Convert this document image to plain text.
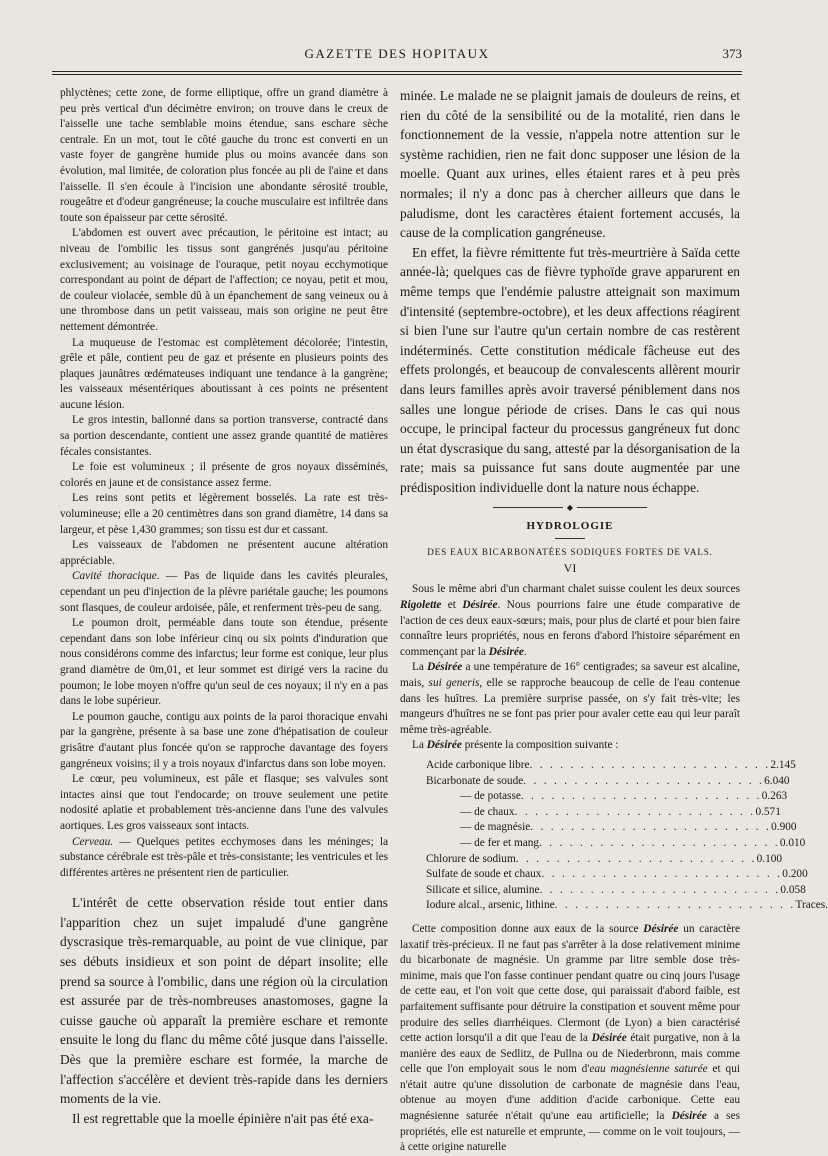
GAZETTE DES HOPITAUX	373

phlyctènes; cette zone, de forme elliptique, offre un grand diamètre à peu près vertical d'un décimètre environ; on trouve dans le creux de l'aisselle une tache semblable moins étendue, sans eschare sèche centrale. En un mot, tout le côté gauche du tronc est converti en un vaste foyer de gangrène humide plus ou moins avancée dans son évolution, mal limitée, de coloration plus foncée au pli de l'aine et dans l'aisselle. Il s'en écoule à l'incision une abondante sérosité trouble, rougeâtre et d'odeur gangréneuse; la couche musculaire est infiltrée dans toute son épaisseur par cette sérosité.

L'abdomen est ouvert avec précaution, le péritoine est intact; au niveau de l'ombilic les tissus sont gangrénés jusqu'au péritoine exclusivement; au voisinage de l'ouraque, petit noyau ecchymotique correspondant au point de départ de l'affection; ce noyau, petit et mou, de couleur violacée, semble dû à un épanchement de sang veineux ou à une thrombose dans un petit vaisseau, mais son origine ne peut être nettement démontrée.

La muqueuse de l'estomac est complètement décolorée; l'intestin, grêle et pâle, contient peu de gaz et présente en plusieurs points des plaques jaunâtres œdémateuses indiquant une tendance à la gangrène; les vaisseaux mésentériques aboutissant à ces points ne présentent aucune lésion.

Le gros intestin, ballonné dans sa portion transverse, contracté dans sa portion descendante, contient une assez grande quantité de matières fécales consistantes.

Le foie est volumineux ; il présente de gros noyaux disséminés, colorés en jaune et de consistance assez ferme.

Les reins sont petits et légèrement bosselés. La rate est très-volumineuse; elle a 20 centimètres dans son grand diamètre, 14 dans sa largeur, et pèse 1,430 grammes; son tissu est dur et cassant.

Les vaisseaux de l'abdomen ne présentent aucune altération appréciable.

Cavité thoracique. — Pas de liquide dans les cavités pleurales, cependant un peu d'injection de la plèvre pariétale gauche; les poumons sont flasques, de couleur ardoisée, pâle, et renferment très-peu de sang.

Le poumon droit, perméable dans toute son étendue, présente cependant dans son lobe inférieur cinq ou six points d'induration que nous considérons comme des infarctus; leur forme est conique, leur plus grand diamètre de 0m,01, et leur sommet est dirigé vers la racine du poumon; le lobe moyen n'offre qu'un seul de ces noyaux; il n'y en a pas dans le lobe supérieur.

Le poumon gauche, contigu aux points de la paroi thoracique envahi par la gangrène, présente à sa base une zone d'hépatisation de couleur grisâtre d'autant plus foncée qu'on se rapproche davantage des foyers gangréneux voisins; il y a trois noyaux d'infarctus dans son lobe moyen.

Le cœur, peu volumineux, est pâle et flasque; ses valvules sont intactes ainsi que tout l'endocarde; on trouve seulement une petite nodosité aplatie et probablement très-ancienne dans l'une des valvules aortiques. Les gros vaisseaux sont intacts.

Cerveau. — Quelques petites ecchymoses dans les méninges; la substance cérébrale est très-pâle et très-consistante; les ventricules et les différentes artères ne présentent rien de particulier.

L'intérêt de cette observation réside tout entier dans l'apparition chez un sujet impaludé d'une gangrène dyscrasique très-remarquable, au point de vue clinique, par ses débuts insidieux et son point de départ insolite; elle prend sa source à l'ombilic, dans une région où la circulation est assurée par de très-nombreuses anastomoses, gagne la cuisse gauche où apparaît la première eschare et remonte ensuite le long du flanc du même côté jusque dans l'aisselle. Dès que la première eschare est formée, la marche de l'affection s'accélère et devient très-rapide dans les derniers moments de la vie.

Il est regrettable que la moelle épinière n'ait pas été exa-

minée. Le malade ne se plaignit jamais de douleurs de reins, et rien du côté de la sensibilité ou de la motalité, rien dans le fonctionnement de la vessie, n'appela notre attention sur le système rachidien, rien ne fait donc supposer une lésion de la moelle. Quant aux urines, elles étaient rares et à peu près normales; il n'y a donc pas à chercher ailleurs que dans le paludisme, dont les caractères étaient fortement accusés, la cause de la complication gangréneuse.

En effet, la fièvre rémittente fut très-meurtrière à Saïda cette année-là; quelques cas de fièvre typhoïde grave apparurent en même temps que l'endémie palustre atteignait son maximum d'intensité (septembre-octobre), et les deux affections réagirent si bien l'une sur l'autre qu'un certain nombre de cas restèrent indéterminés. Cette constitution médicale fâcheuse eut des effets prolongés, et beaucoup de convalescents allèrent mourir dans leurs familles après avoir traversé péniblement dans nos salles une longue période de crises. Dans le cas qui nous occupe, le principal facteur du processus gangréneux fut donc un état dyscrasique du sang, attesté par la désorganisation de la rate; mais sa puissance fut sans doute augmentée par une prédisposition individuelle dont la nature nous échappe.

◆
HYDROLOGIE
DES EAUX BICARBONATÉES SODIQUES FORTES DE VALS.
VI

Sous le même abri d'un charmant chalet suisse coulent les deux sources Rigolette et Désirée. Nous pourrions faire une étude comparative de l'action de ces deux eaux-sœurs; mais, pour plus de clarté et pour bien faire connaître leurs propriétés, nous en ferons d'abord l'histoire séparément en commençant par la Désirée.

La Désirée a une température de 16° centigrades; sa saveur est alcaline, mais, sui generis, elle se rapproche beaucoup de celle de l'eau contenue dans les huîtres. La première surprise passée, on s'y fait très-vite; les mangeurs d'huîtres ne se font pas prier pour avaler cette eau qui leur paraît même très-agréable.

La Désirée présente la composition suivante :

Acide carbonique libre . . . . . . . . . . . . . . . . . . . . . . . . 2.145
Bicarbonate de soude . . . . . . . . . . . . . . . . . . . . . . . . 6.040
— de potasse . . . . . . . . . . . . . . . . . . . . . . . . 0.263
— de chaux . . . . . . . . . . . . . . . . . . . . . . . . 0.571
— de magnésie . . . . . . . . . . . . . . . . . . . . . . . . 0.900
— de fer et mang . . . . . . . . . . . . . . . . . . . . . . . . 0.010
Chlorure de sodium . . . . . . . . . . . . . . . . . . . . . . . . 0.100
Sulfate de soude et chaux . . . . . . . . . . . . . . . . . . . . . . . . 0.200
Silicate et silice, alumine . . . . . . . . . . . . . . . . . . . . . . . . 0.058
Iodure alcal., arsenic, lithine . . . . . . . . . . . . . . . . . . . . . . . . Traces.

Cette composition donne aux eaux de la source Désirée un caractère laxatif très-précieux. Il ne faut pas s'arrêter à la dose relativement minime du bicarbonate de magnésie. Un gramme par litre semble dose très-minime, mais que l'on fasse continuer pendant quatre ou cinq jours l'usage de cette eau, et l'on voit que cette dose, qui paraissait d'abord faible, est parfaitement suffisante pour détruire la constipation et souvent même pour produire des selles diarrhéiques. Clermont (de Lyon) a bien caractérisé cette action lorsqu'il a dit que l'eau de la Désirée était purgative, non à la manière des eaux de Sedlitz, de Pullna ou de Niederbronn, mais comme celle que l'on employait sous le nom d'eau magnésienne saturée et qui n'était autre qu'une dissolution de carbonate de magnésie dans l'eau, obtenue au moyen d'une addition d'acide carbonique. Cette eau magnésienne saturée n'était qu'une eau artificielle; la Désirée a ses propriétés, elle est naturelle et emprunte, — comme on le voit toujours, — à cette origine naturelle
